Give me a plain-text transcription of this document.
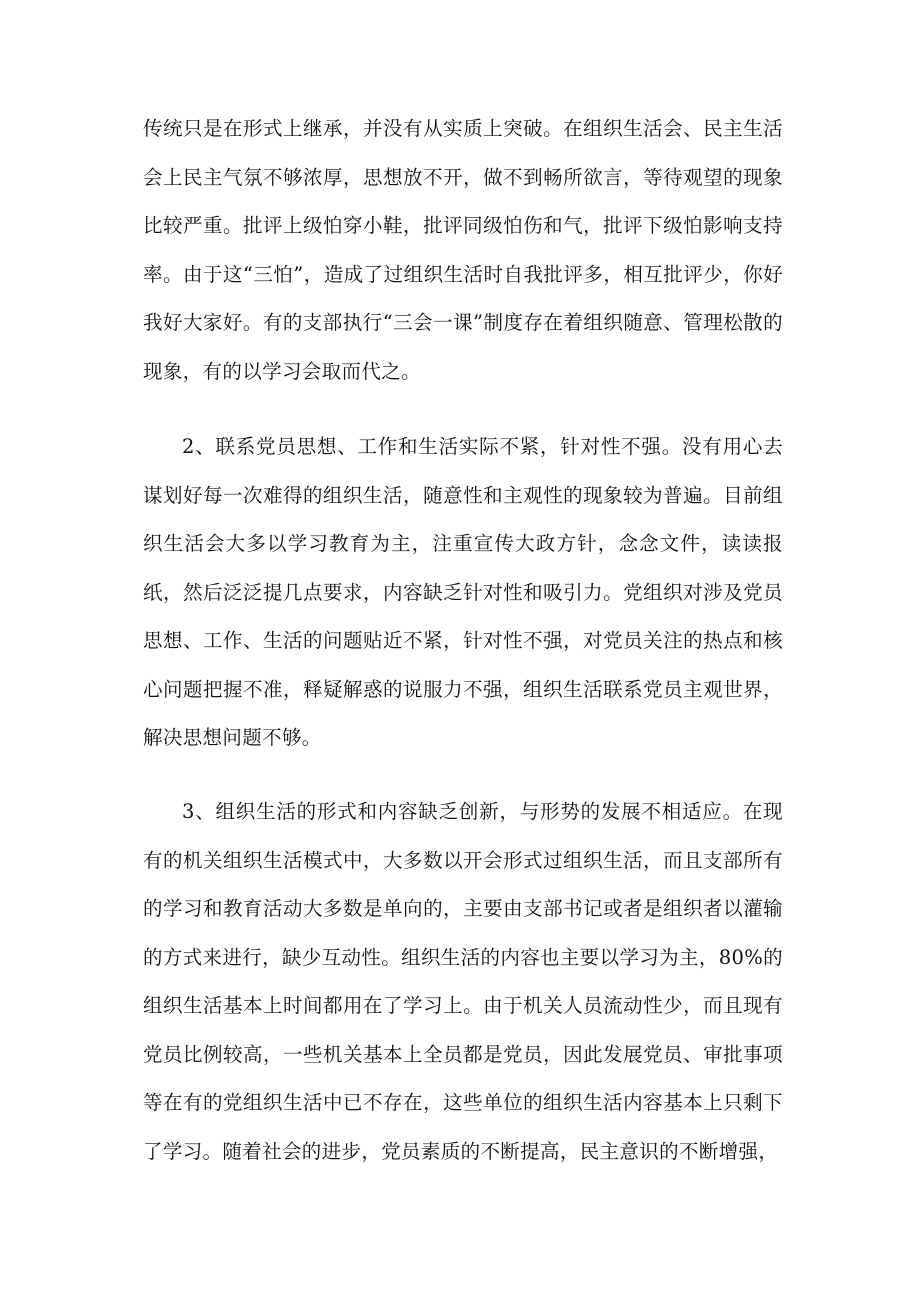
传统只是在形式上继承，并没有从实质上突破。在组织生活会、民主生活会上民主气氛不够浓厚，思想放不开，做不到畅所欲言，等待观望的现象比较严重。批评上级怕穿小鞋，批评同级怕伤和气，批评下级怕影响支持率。由于这“三怕”，造成了过组织生活时自我批评多，相互批评少，你好我好大家好。有的支部执行“三会一课”制度存在着组织随意、管理松散的现象，有的以学习会取而代之。

2、联系党员思想、工作和生活实际不紧，针对性不强。没有用心去谋划好每一次难得的组织生活，随意性和主观性的现象较为普遍。目前组织生活会大多以学习教育为主，注重宣传大政方针，念念文件，读读报纸，然后泛泛提几点要求，内容缺乏针对性和吸引力。党组织对涉及党员思想、工作、生活的问题贴近不紧，针对性不强，对党员关注的热点和核心问题把握不准，释疑解惑的说服力不强，组织生活联系党员主观世界，解决思想问题不够。

3、组织生活的形式和内容缺乏创新，与形势的发展不相适应。在现有的机关组织生活模式中，大多数以开会形式过组织生活，而且支部所有的学习和教育活动大多数是单向的，主要由支部书记或者是组织者以灌输的方式来进行，缺少互动性。组织生活的内容也主要以学习为主，80%的组织生活基本上时间都用在了学习上。由于机关人员流动性少，而且现有党员比例较高，一些机关基本上全员都是党员，因此发展党员、审批事项等在有的党组织生活中已不存在，这些单位的组织生活内容基本上只剩下了学习。随着社会的进步，党员素质的不断提高，民主意识的不断增强，
